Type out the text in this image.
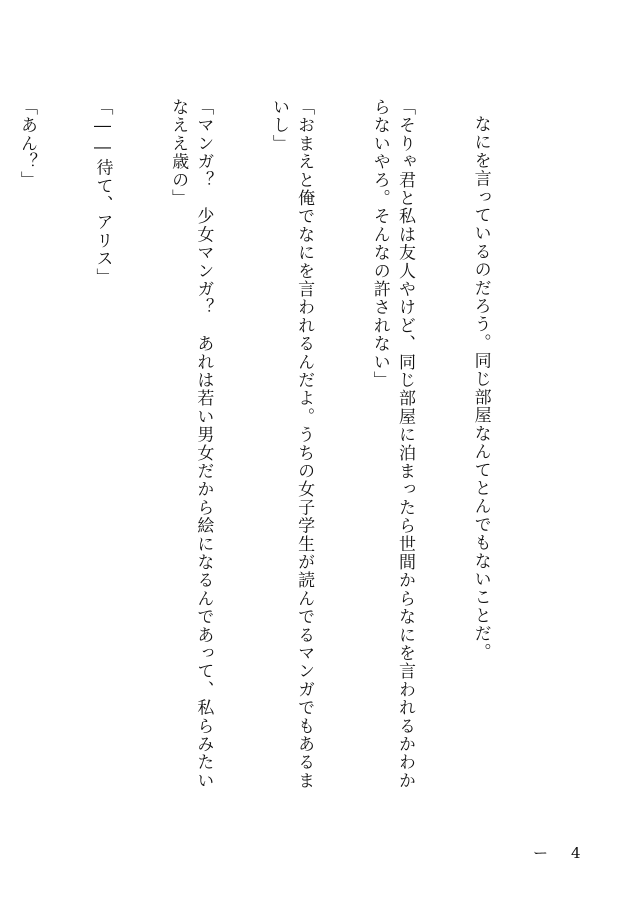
なにを言っているのだろう。同じ部屋なんてとんでもないことだ。

「そりゃ君と私は友人やけど、同じ部屋に泊まったら世間からなにを言われるかわからないやろ。そんなの許されない」

「おまえと俺でなにを言われるんだよ。うちの女子学生が読んでるマンガでもあるまいし」

「マンガ？　少女マンガ？　あれは若い男女だから絵になるんであって、私らみたいなええ歳の」

「――待て、アリス」

「あん？」

ー　4
